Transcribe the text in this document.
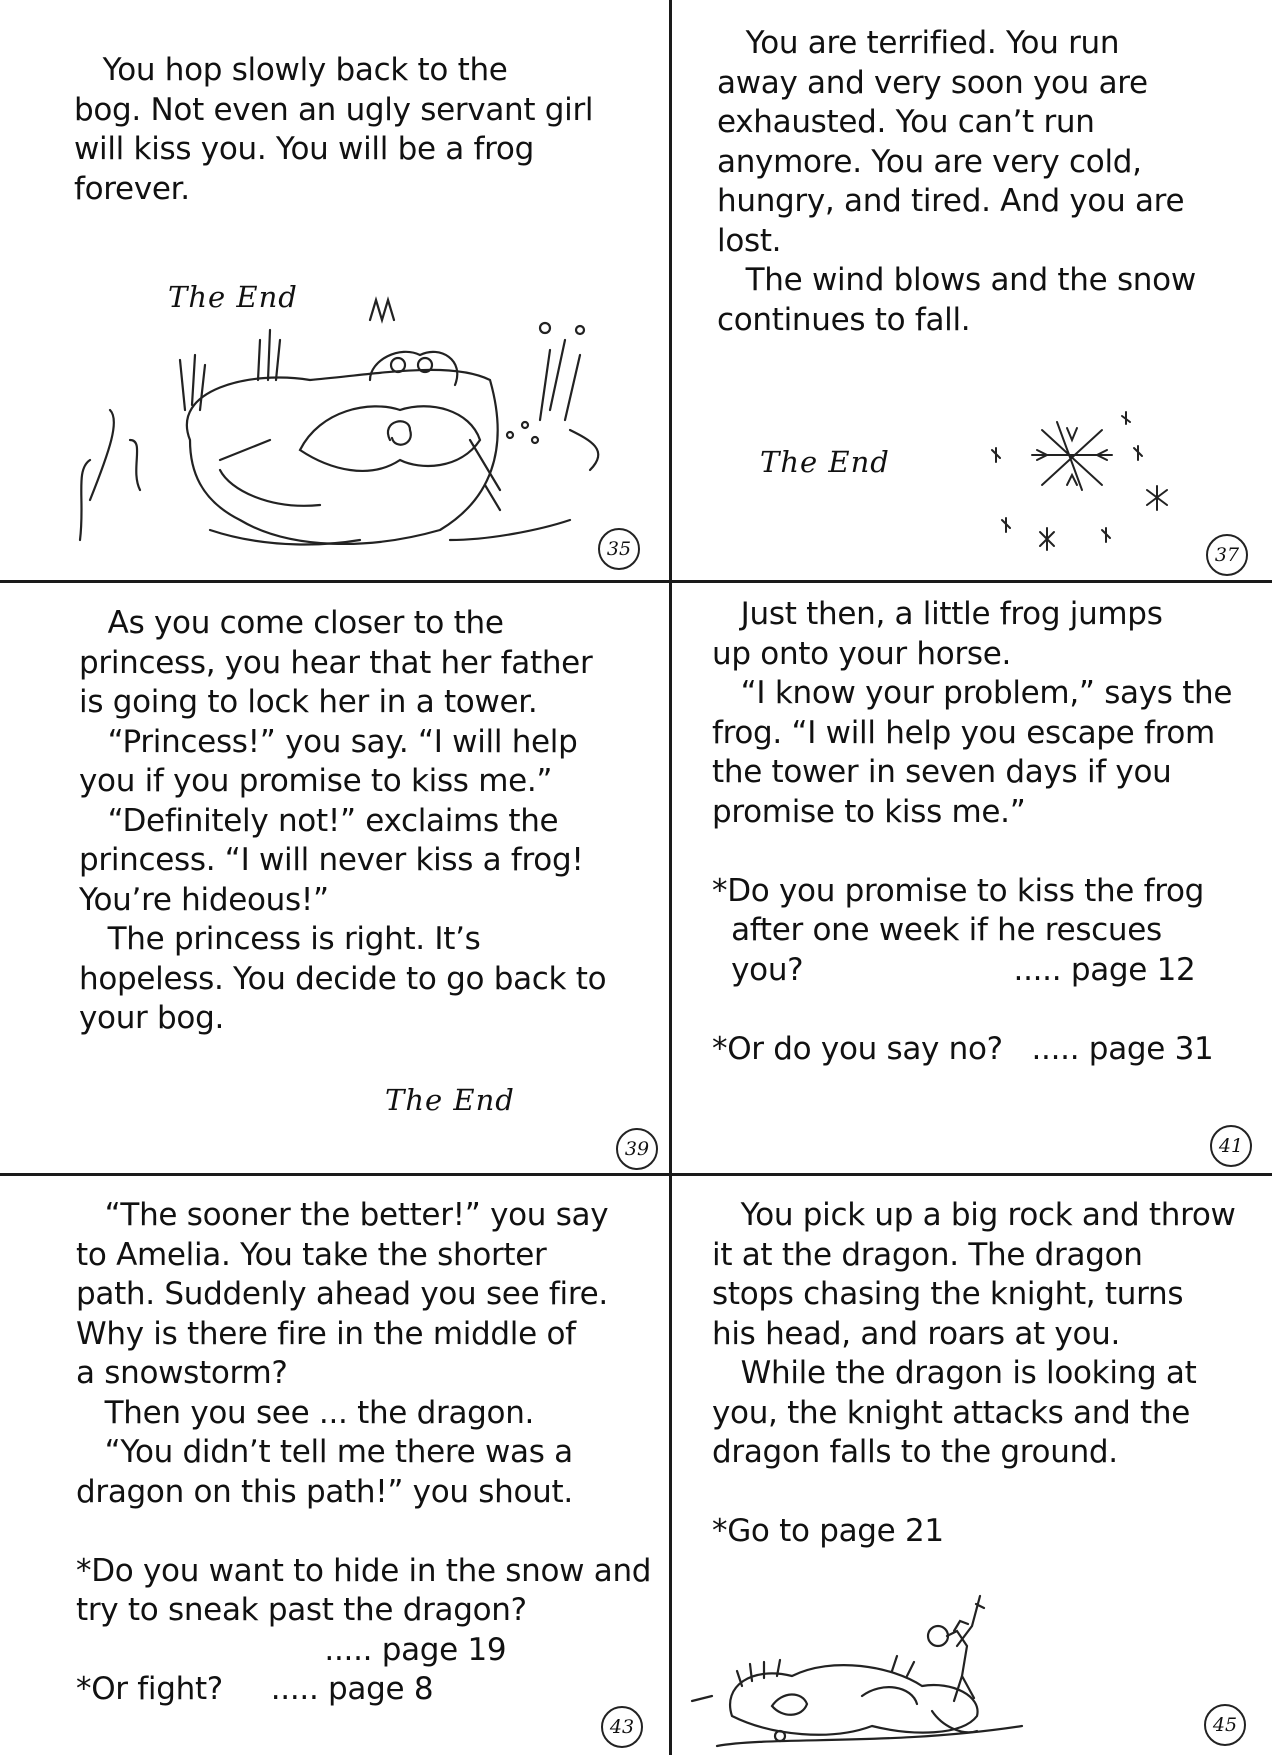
You hop slowly back to the
bog. Not even an ugly servant girl
will kiss you. You will be a frog
forever.

The End
35

You are terrified. You run
away and very soon you are
exhausted. You can’t run
anymore. You are very cold,
hungry, and tired. And you are
lost.
The wind blows and the snow
continues to fall.

The End
37

As you come closer to the
princess, you hear that her father
is going to lock her in a tower.
“Princess!” you say. “I will help
you if you promise to kiss me.”
“Definitely not!” exclaims the
princess. “I will never kiss a frog!
You’re hideous!”
The princess is right. It’s
hopeless. You decide to go back to
your bog.

The End
39

Just then, a little frog jumps
up onto your horse.
“I know your problem,” says the
frog. “I will help you escape from
the tower in seven days if you
promise to kiss me.”

*Do you promise to kiss the frog
after one week if he rescues
you?                      ..... page 12

*Or do you say no?   ..... page 31

41

“The sooner the better!” you say
to Amelia. You take the shorter
path. Suddenly ahead you see fire.
Why is there fire in the middle of
a snowstorm?
Then you see ... the dragon.
“You didn’t tell me there was a
dragon on this path!” you shout.

*Do you want to hide in the snow and
try to sneak past the dragon?
..... page 19
*Or fight?     ..... page 8

43

You pick up a big rock and throw
it at the dragon. The dragon
stops chasing the knight, turns
his head, and roars at you.
While the dragon is looking at
you, the knight attacks and the
dragon falls to the ground.

*Go to page 21

45
